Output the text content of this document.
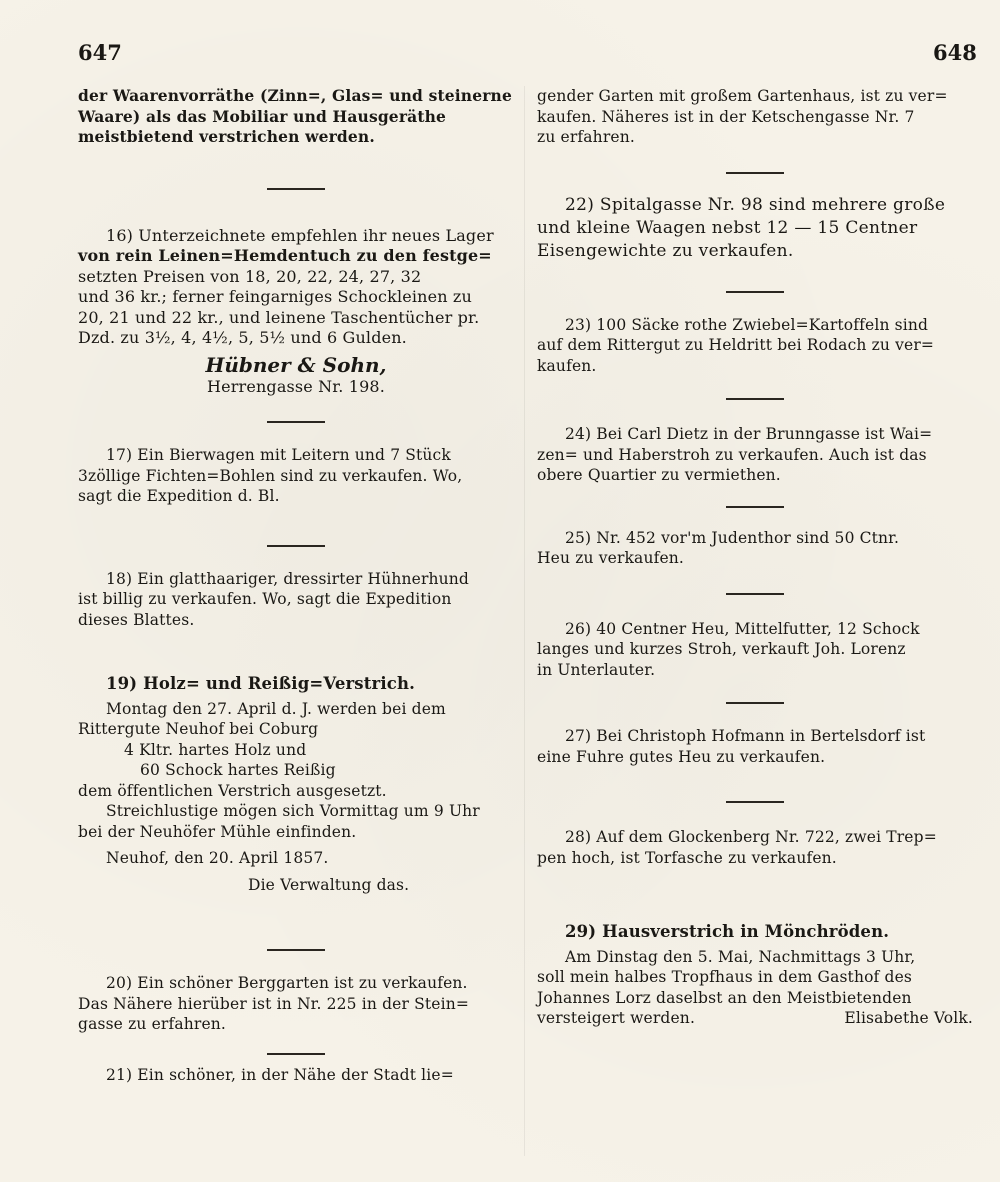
647	648

der Waarenvorräthe (Zinn=, Glas= und steinerne

Waare) als das Mobiliar und Hausgeräthe

meistbietend verstrichen werden.

16) Unterzeichnete empfehlen ihr neues Lager

von rein Leinen=Hemdentuch zu den festge=

setzten Preisen von 18, 20, 22, 24, 27, 32

und 36 kr.; ferner feingarniges Schockleinen zu

20, 21 und 22 kr., und leinene Taschentücher pr.

Dzd. zu 3½, 4, 4½, 5, 5½ und 6 Gulden.

Hübner & Sohn,

Herrengasse Nr. 198.

17) Ein Bierwagen mit Leitern und 7 Stück

3zöllige Fichten=Bohlen sind zu verkaufen. Wo,

sagt die Expedition d. Bl.

18) Ein glatthaariger, dressirter Hühnerhund

ist billig zu verkaufen. Wo, sagt die Expedition

dieses Blattes.

19) Holz= und Reißig=Verstrich.

Montag den 27. April d. J. werden bei dem

Rittergute Neuhof bei Coburg

4 Kltr. hartes Holz und

60 Schock hartes Reißig

dem öffentlichen Verstrich ausgesetzt.

Streichlustige mögen sich Vormittag um 9 Uhr

bei der Neuhöfer Mühle einfinden.

Neuhof, den 20. April 1857.

Die Verwaltung das.

20) Ein schöner Berggarten ist zu verkaufen.

Das Nähere hierüber ist in Nr. 225 in der Stein=

gasse zu erfahren.

21) Ein schöner, in der Nähe der Stadt lie=

gender Garten mit großem Gartenhaus, ist zu ver=

kaufen. Näheres ist in der Ketschengasse Nr. 7

zu erfahren.

22) Spitalgasse Nr. 98 sind mehrere große

und kleine Waagen nebst 12 — 15 Centner

Eisengewichte zu verkaufen.

23) 100 Säcke rothe Zwiebel=Kartoffeln sind

auf dem Rittergut zu Heldritt bei Rodach zu ver=

kaufen.

24) Bei Carl Dietz in der Brunngasse ist Wai=

zen= und Haberstroh zu verkaufen. Auch ist das

obere Quartier zu vermiethen.

25) Nr. 452 vor'm Judenthor sind 50 Ctnr.

Heu zu verkaufen.

26) 40 Centner Heu, Mittelfutter, 12 Schock

langes und kurzes Stroh, verkauft Joh. Lorenz

in Unterlauter.

27) Bei Christoph Hofmann in Bertelsdorf ist

eine Fuhre gutes Heu zu verkaufen.

28) Auf dem Glockenberg Nr. 722, zwei Trep=

pen hoch, ist Torfasche zu verkaufen.

29) Hausverstrich in Mönchröden.

Am Dinstag den 5. Mai, Nachmittags 3 Uhr,

soll mein halbes Tropfhaus in dem Gasthof des

Johannes Lorz daselbst an den Meistbietenden

versteigert werden.	Elisabethe Volk.
